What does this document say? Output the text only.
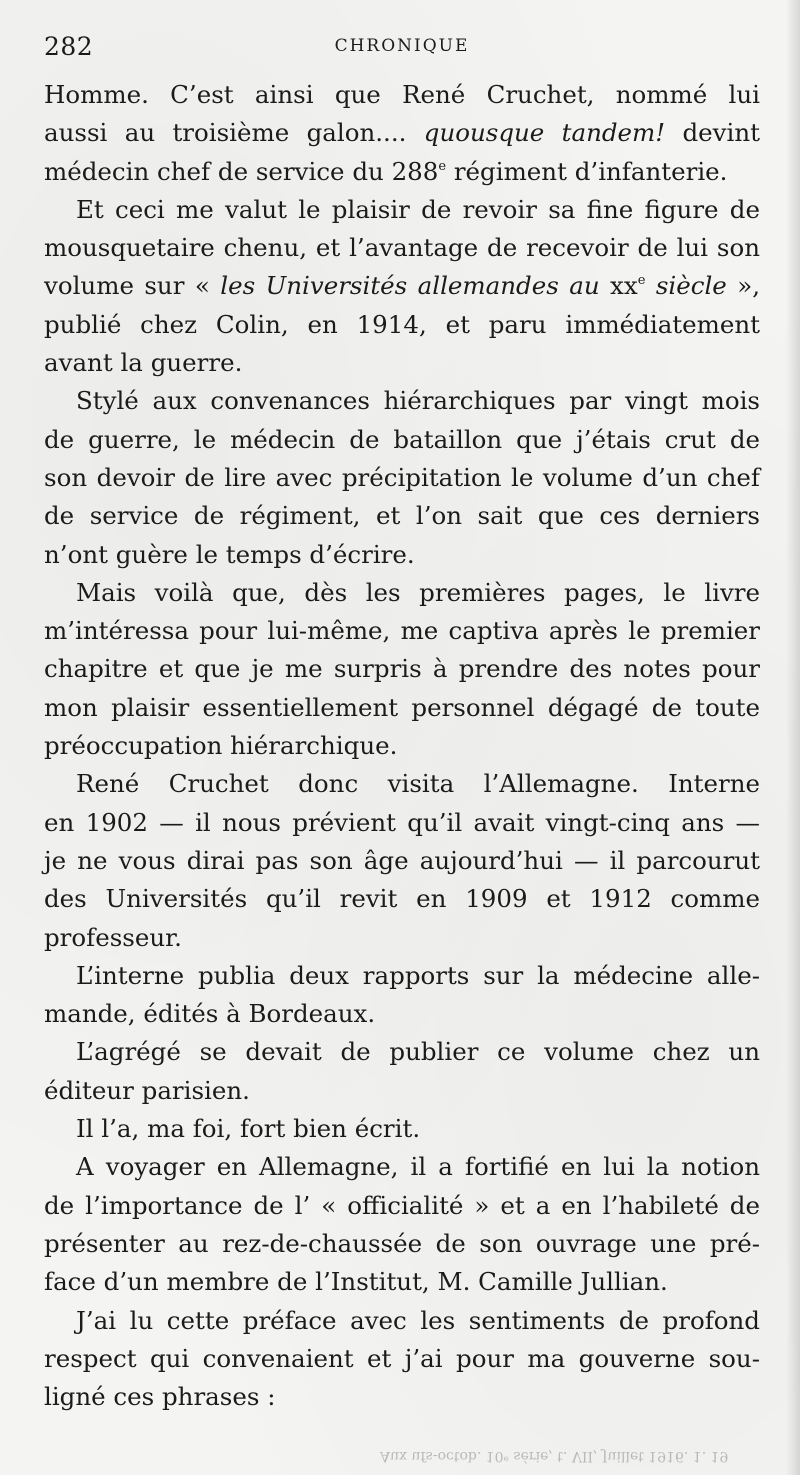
282	CHRONIQUE
Homme. C’est ainsi que René Cruchet, nommé lui
aussi au troisième galon.... quousque tandem! devint
médecin chef de service du 288e régiment d’infanterie.
Et ceci me valut le plaisir de revoir sa fine figure de
mousquetaire chenu, et l’avantage de recevoir de lui son
volume sur « les Universités allemandes au $xx^e$ siècle »,
publié chez Colin, en 1914, et paru immédiatement
avant la guerre.
Stylé aux convenances hiérarchiques par vingt mois
de guerre, le médecin de bataillon que j’étais crut de
son devoir de lire avec précipitation le volume d’un chef
de service de régiment, et l’on sait que ces derniers
n’ont guère le temps d’écrire.
Mais voilà que, dès les premières pages, le livre
m’intéressa pour lui-même, me captiva après le premier
chapitre et que je me surpris à prendre des notes pour
mon plaisir essentiellement personnel dégagé de toute
préoccupation hiérarchique.
René Cruchet donc visita l’Allemagne. Interne
en 1902 — il nous prévient qu’il avait vingt-cinq ans —
je ne vous dirai pas son âge aujourd’hui — il parcourut
des Universités qu’il revit en 1909 et 1912 comme
professeur.
L’interne publia deux rapports sur la médecine alle-
mande, édités à Bordeaux.
L’agrégé se devait de publier ce volume chez un
éditeur parisien.
Il l’a, ma foi, fort bien écrit.
A voyager en Allemagne, il a fortifié en lui la notion
de l’importance de l’ « officialité » et a en l’habileté de
présenter au rez-de-chaussée de son ouvrage une pré-
face d’un membre de l’Institut, M. Camille Jullian.
J’ai lu cette préface avec les sentiments de profond
respect qui convenaient et j’ai pour ma gouverne sou-
ligné ces phrases :
Aux ufs-octob. 10ᵉ série, t. VII, Juillet 1916. 1. 19
